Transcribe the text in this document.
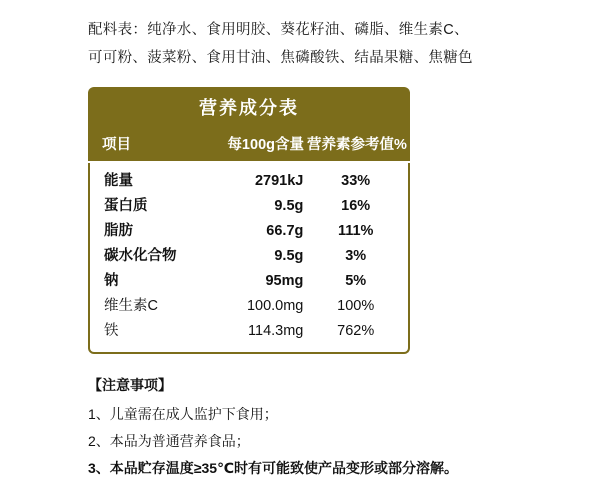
配料表：纯净水、食用明胶、葵花籽油、磷脂、维生素C、
可可粉、菠菜粉、食用甘油、焦磷酸铁、结晶果糖、焦糖色
营养成分表
项目	每100g含量 营养素参考值%
能量	2791kJ	33%
蛋白质	9.5g	16%
脂肪	66.7g	111%
碳水化合物	9.5g	3%
钠	95mg	5%
维生素C	100.0mg	100%
铁	114.3mg	762%
【注意事项】
1、儿童需在成人监护下食用；
2、本品为普通营养食品；
3、本品贮存温度≥35℃时有可能致使产品变形或部分溶解。
